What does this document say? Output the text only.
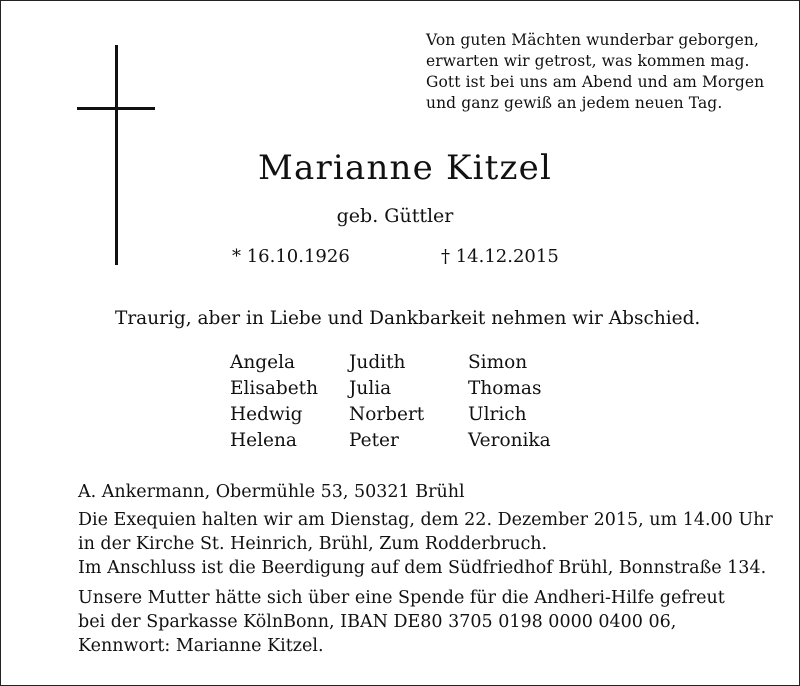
Von guten Mächten wunderbar geborgen,
erwarten wir getrost, was kommen mag.
Gott ist bei uns am Abend und am Morgen
und ganz gewiß an jedem neuen Tag.
Marianne Kitzel
geb. Güttler
* 16.10.1926	† 14.12.2015
Traurig, aber in Liebe und Dankbarkeit nehmen wir Abschied.
Angela	Judith	Simon
Elisabeth	Julia	Thomas
Hedwig	Norbert	Ulrich
Helena	Peter	Veronika
A. Ankermann, Obermühle 53, 50321 Brühl
Die Exequien halten wir am Dienstag, dem 22. Dezember 2015, um 14.00 Uhr
in der Kirche St. Heinrich, Brühl, Zum Rodderbruch.
Im Anschluss ist die Beerdigung auf dem Südfriedhof Brühl, Bonnstraße 134.
Unsere Mutter hätte sich über eine Spende für die Andheri-Hilfe gefreut
bei der Sparkasse KölnBonn, IBAN DE80 3705 0198 0000 0400 06,
Kennwort: Marianne Kitzel.
